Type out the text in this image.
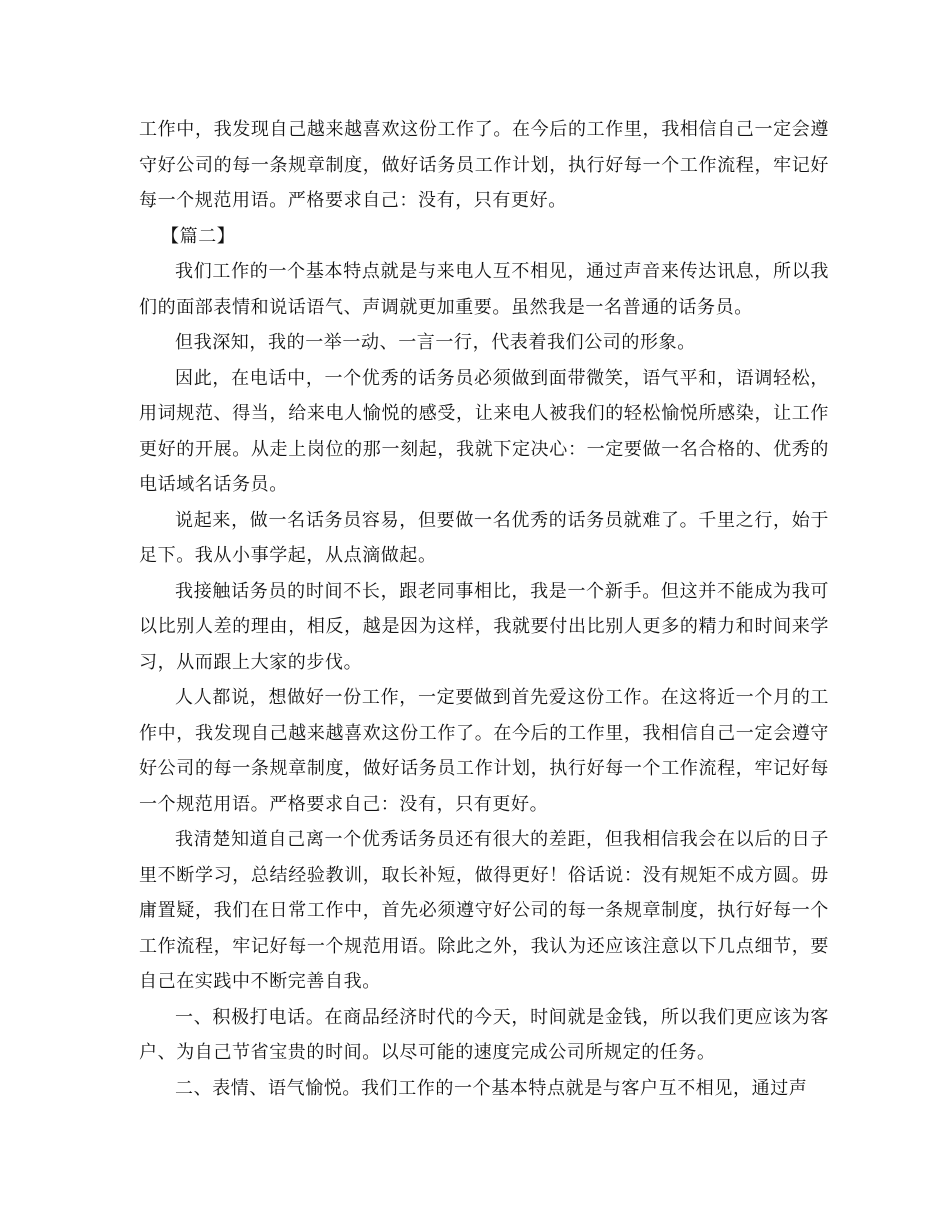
工作中，我发现自己越来越喜欢这份工作了。在今后的工作里，我相信自己一定会遵守好公司的每一条规章制度，做好话务员工作计划，执行好每一个工作流程，牢记好每一个规范用语。严格要求自己：没有，只有更好。

【篇二】

我们工作的一个基本特点就是与来电人互不相见，通过声音来传达讯息，所以我们的面部表情和说话语气、声调就更加重要。虽然我是一名普通的话务员。

但我深知，我的一举一动、一言一行，代表着我们公司的形象。

因此，在电话中，一个优秀的话务员必须做到面带微笑，语气平和，语调轻松，用词规范、得当，给来电人愉悦的感受，让来电人被我们的轻松愉悦所感染，让工作更好的开展。从走上岗位的那一刻起，我就下定决心：一定要做一名合格的、优秀的电话域名话务员。

说起来，做一名话务员容易，但要做一名优秀的话务员就难了。千里之行，始于足下。我从小事学起，从点滴做起。

我接触话务员的时间不长，跟老同事相比，我是一个新手。但这并不能成为我可以比别人差的理由，相反，越是因为这样，我就要付出比别人更多的精力和时间来学习，从而跟上大家的步伐。

人人都说，想做好一份工作，一定要做到首先爱这份工作。在这将近一个月的工作中，我发现自己越来越喜欢这份工作了。在今后的工作里，我相信自己一定会遵守好公司的每一条规章制度，做好话务员工作计划，执行好每一个工作流程，牢记好每一个规范用语。严格要求自己：没有，只有更好。

我清楚知道自己离一个优秀话务员还有很大的差距，但我相信我会在以后的日子里不断学习，总结经验教训，取长补短，做得更好！俗话说：没有规矩不成方圆。毋庸置疑，我们在日常工作中，首先必须遵守好公司的每一条规章制度，执行好每一个工作流程，牢记好每一个规范用语。除此之外，我认为还应该注意以下几点细节，要自己在实践中不断完善自我。

一、积极打电话。在商品经济时代的今天，时间就是金钱，所以我们更应该为客户、为自己节省宝贵的时间。以尽可能的速度完成公司所规定的任务。

二、表情、语气愉悦。我们工作的一个基本特点就是与客户互不相见，通过声
